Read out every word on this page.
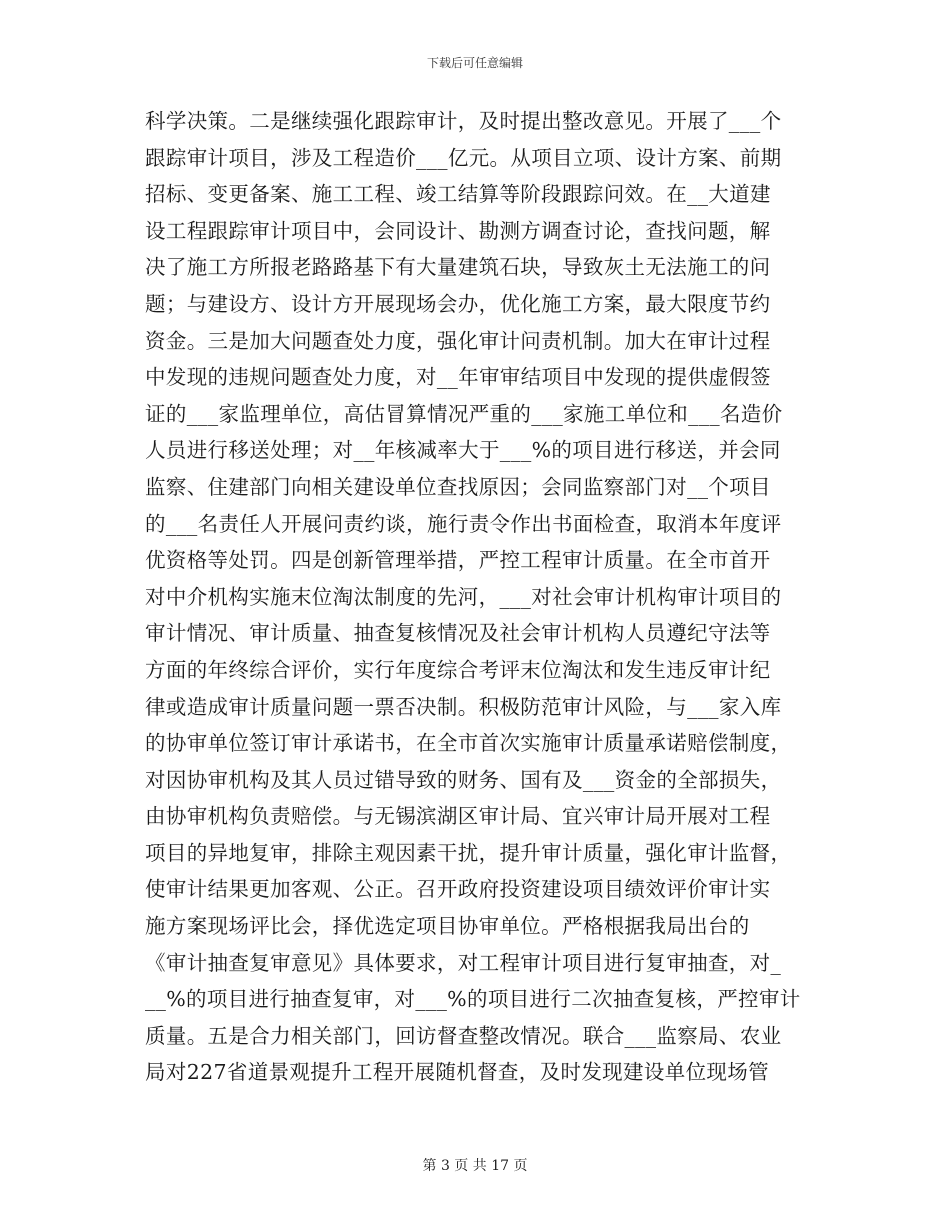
下载后可任意编辑
科学决策。二是继续强化跟踪审计，及时提出整改意见。开展了___个
跟踪审计项目，涉及工程造价___亿元。从项目立项、设计方案、前期
招标、变更备案、施工工程、竣工结算等阶段跟踪问效。在__大道建
设工程跟踪审计项目中，会同设计、勘测方调查讨论，查找问题，解
决了施工方所报老路路基下有大量建筑石块，导致灰土无法施工的问
题；与建设方、设计方开展现场会办，优化施工方案，最大限度节约
资金。三是加大问题查处力度，强化审计问责机制。加大在审计过程
中发现的违规问题查处力度，对__年审审结项目中发现的提供虚假签
证的___家监理单位，高估冒算情况严重的___家施工单位和___名造价
人员进行移送处理；对__年核减率大于___%的项目进行移送，并会同
监察、住建部门向相关建设单位查找原因；会同监察部门对__个项目
的___名责任人开展问责约谈，施行责令作出书面检查，取消本年度评
优资格等处罚。四是创新管理举措，严控工程审计质量。在全市首开
对中介机构实施末位淘汰制度的先河，___对社会审计机构审计项目的
审计情况、审计质量、抽查复核情况及社会审计机构人员遵纪守法等
方面的年终综合评价，实行年度综合考评末位淘汰和发生违反审计纪
律或造成审计质量问题一票否决制。积极防范审计风险，与___家入库
的协审单位签订审计承诺书，在全市首次实施审计质量承诺赔偿制度，
对因协审机构及其人员过错导致的财务、国有及___资金的全部损失，
由协审机构负责赔偿。与无锡滨湖区审计局、宜兴审计局开展对工程
项目的异地复审，排除主观因素干扰，提升审计质量，强化审计监督，
使审计结果更加客观、公正。召开政府投资建设项目绩效评价审计实
施方案现场评比会，择优选定项目协审单位。严格根据我局出台的
《审计抽查复审意见》具体要求，对工程审计项目进行复审抽查，对_
__%的项目进行抽查复审，对___%的项目进行二次抽查复核，严控审计
质量。五是合力相关部门，回访督查整改情况。联合___监察局、农业
局对227省道景观提升工程开展随机督查，及时发现建设单位现场管
第 3 页 共 17 页
